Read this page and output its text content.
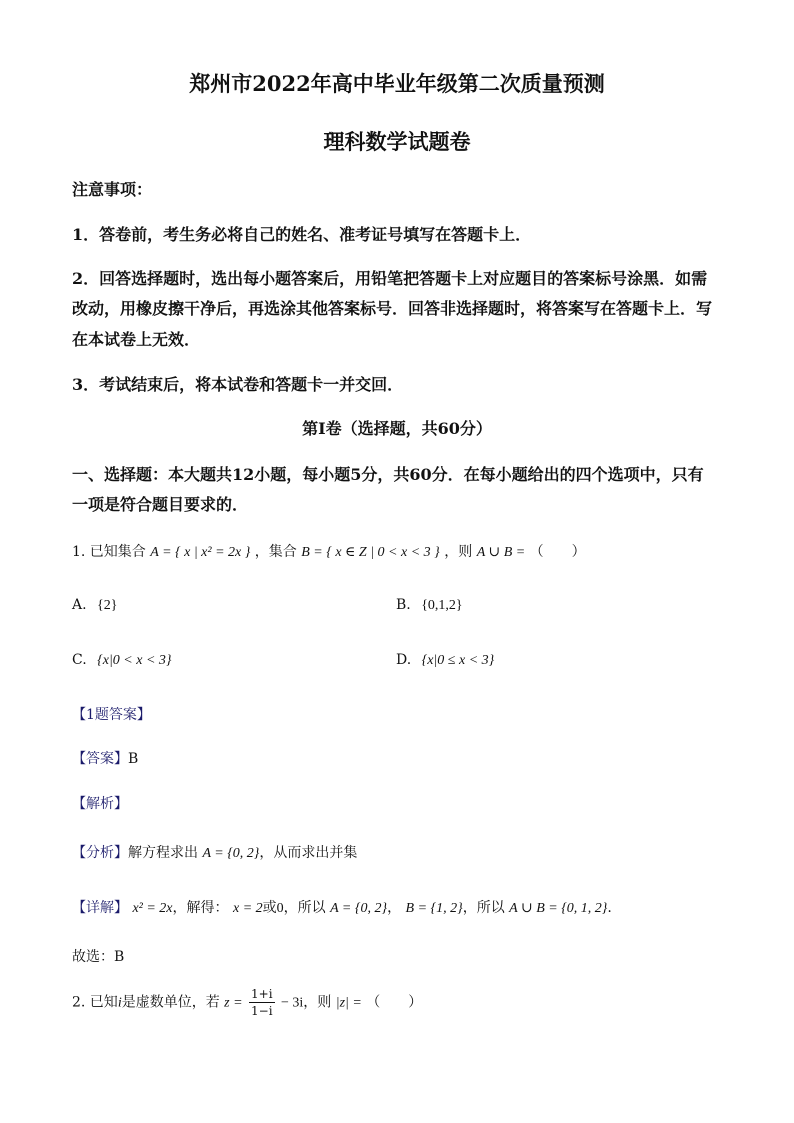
郑州市2022年高中毕业年级第二次质量预测
理科数学试题卷
注意事项：
1．答卷前，考生务必将自己的姓名、准考证号填写在答题卡上．
2．回答选择题时，选出每小题答案后，用铅笔把答题卡上对应题目的答案标号涂黑．如需
改动，用橡皮擦干净后，再选涂其他答案标号．回答非选择题时，将答案写在答题卡上．写
在本试卷上无效．
3．考试结束后，将本试卷和答题卡一并交回．
第Ⅰ卷（选择题，共60分）
一、选择题：本大题共12小题，每小题5分，共60分．在每小题给出的四个选项中，只有
一项是符合题目要求的．
1. 已知集合 A = { x | x² = 2x } ，集合 B = { x ∈ Z | 0 < x < 3 } ，则 A ∪ B = （　　）
A. {2}	B. {0,1,2}
C. {x|0 < x < 3}	D. {x|0 ≤ x < 3}
【1题答案】
【答案】B
【解析】
【分析】解方程求出 A = {0, 2}，从而求出并集
【详解】 x² = 2x，解得： x = 2或0，所以 A = {0, 2}， B = {1, 2}，所以 A ∪ B = {0, 1, 2}.
故选：B
2. 已知i是虚数单位，若 $z = \frac{1+i}{1-i} - 3i$，则 |z| = （　　）
